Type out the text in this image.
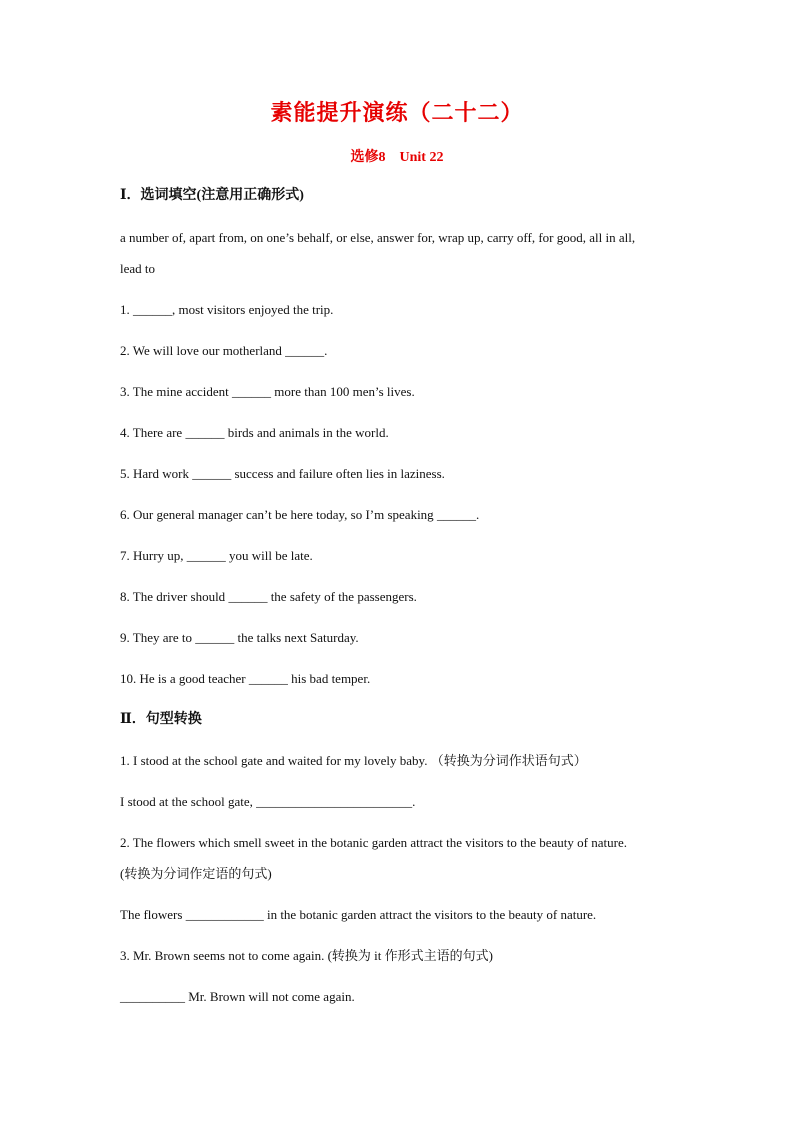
素能提升演练（二十二）
选修8　Unit 22
Ⅰ．选词填空(注意用正确形式)
a number of, apart from, on one’s behalf, or else, answer for, wrap up, carry off, for good, all in all,
lead to
1. ______, most visitors enjoyed the trip.
2. We will love our motherland ______.
3. The mine accident ______ more than 100 men’s lives.
4. There are ______ birds and animals in the world.
5. Hard work ______ success and failure often lies in laziness.
6. Our general manager can’t be here today, so I’m speaking ______.
7. Hurry up, ______ you will be late.
8. The driver should ______ the safety of the passengers.
9. They are to ______ the talks next Saturday.
10. He is a good teacher ______ his bad temper.
Ⅱ．句型转换
1. I stood at the school gate and waited for my lovely baby. （转换为分词作状语句式）
I stood at the school gate, ________________________.
2. The flowers which smell sweet in the botanic garden attract the visitors to the beauty of nature.
(转换为分词作定语的句式)
The flowers ____________ in the botanic garden attract the visitors to the beauty of nature.
3. Mr. Brown seems not to come again. (转换为 it 作形式主语的句式)
__________ Mr. Brown will not come again.
